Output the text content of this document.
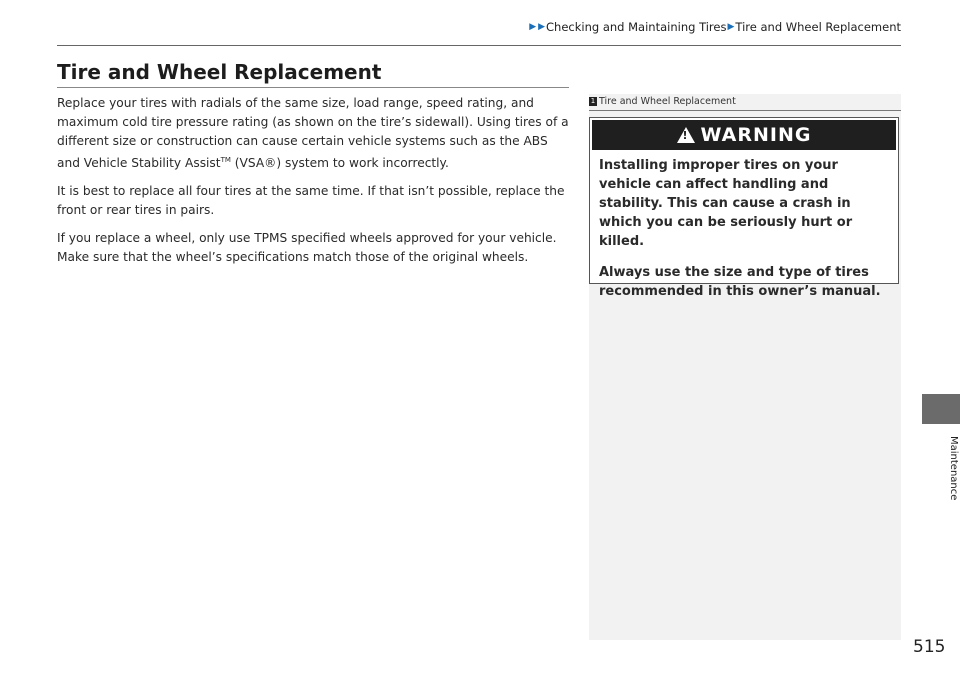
▶ ▶ Checking and Maintaining Tires ▶ Tire and Wheel Replacement
Tire and Wheel Replacement

Replace your tires with radials of the same size, load range, speed rating, and maximum cold tire pressure rating (as shown on the tire’s sidewall). Using tires of a different size or construction can cause certain vehicle systems such as the ABS and Vehicle Stability Assist™ (VSA®) system to work incorrectly.

It is best to replace all four tires at the same time. If that isn’t possible, replace the front or rear tires in pairs.

If you replace a wheel, only use TPMS specified wheels approved for your vehicle. Make sure that the wheel’s specifications match those of the original wheels.

1 Tire and Wheel Replacement
!
WARNING

Installing improper tires on your vehicle can affect handling and stability. This can cause a crash in which you can be seriously hurt or killed.

Always use the size and type of tires recommended in this owner’s manual.

Maintenance
515
